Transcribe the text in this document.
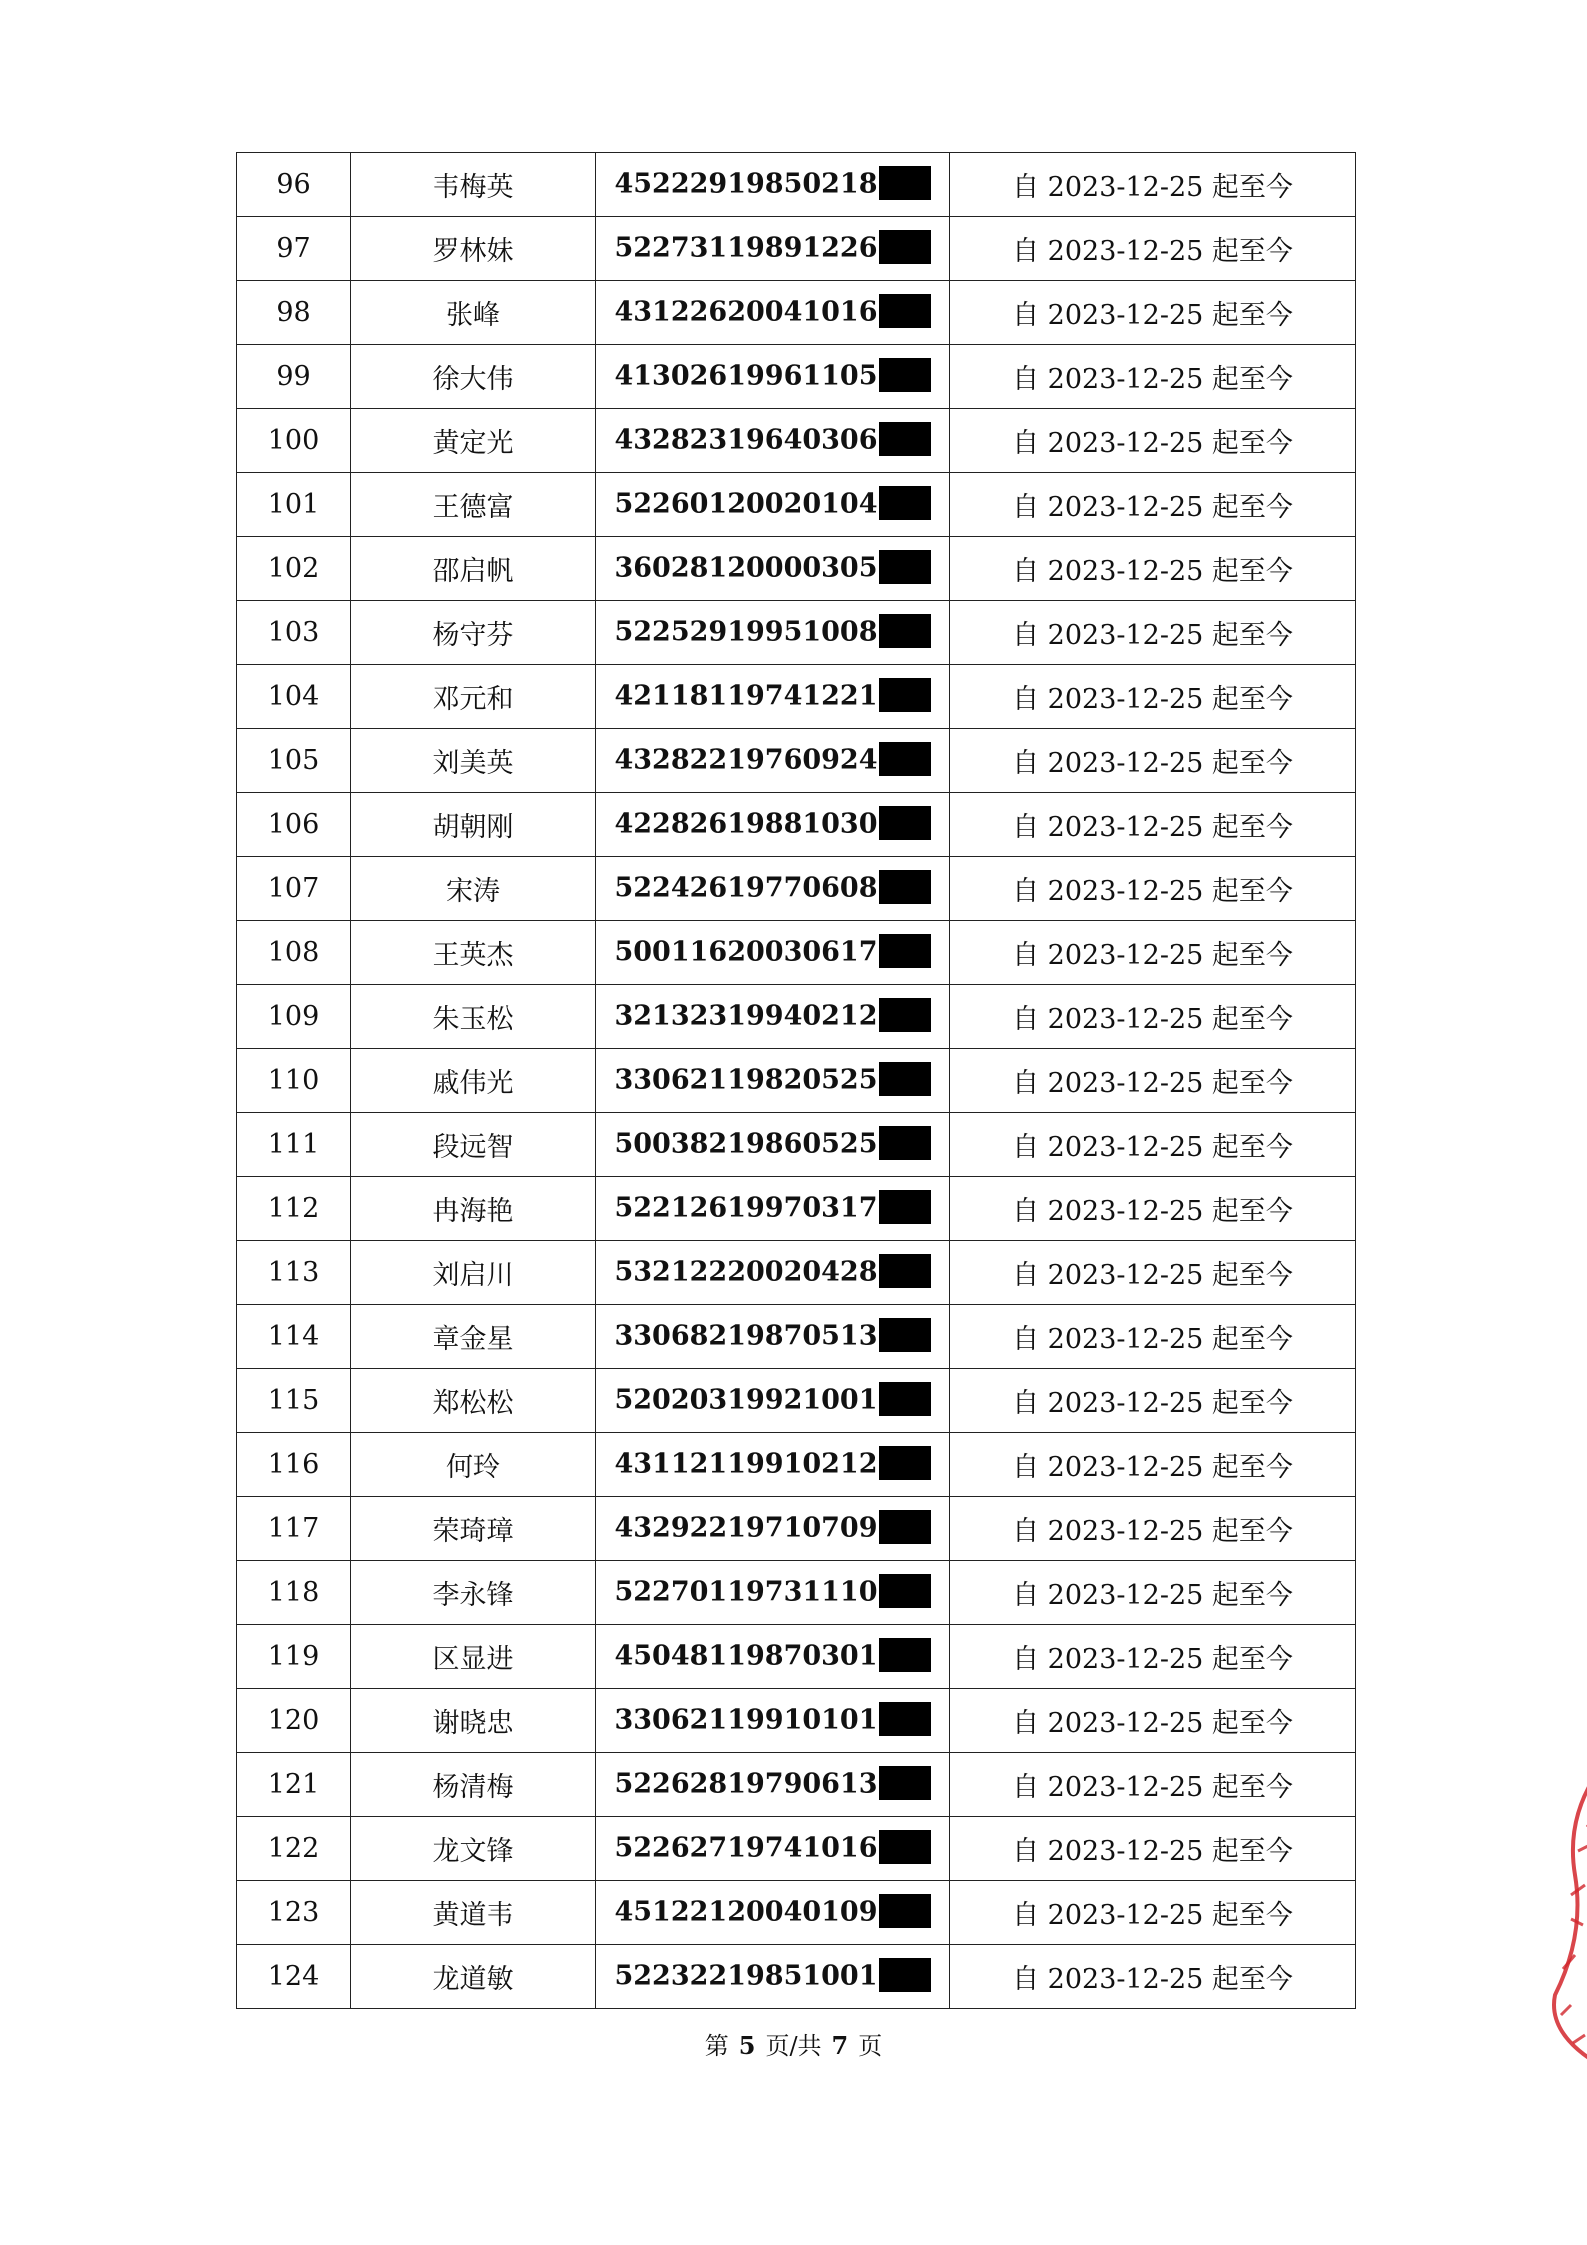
96	韦梅英	45222919850218	自 2023-12-25 起至今
97	罗林妹	52273119891226	自 2023-12-25 起至今
98	张峰	43122620041016	自 2023-12-25 起至今
99	徐大伟	41302619961105	自 2023-12-25 起至今
100	黄定光	43282319640306	自 2023-12-25 起至今
101	王德富	52260120020104	自 2023-12-25 起至今
102	邵启帆	36028120000305	自 2023-12-25 起至今
103	杨守芬	52252919951008	自 2023-12-25 起至今
104	邓元和	42118119741221	自 2023-12-25 起至今
105	刘美英	43282219760924	自 2023-12-25 起至今
106	胡朝刚	42282619881030	自 2023-12-25 起至今
107	宋涛	52242619770608	自 2023-12-25 起至今
108	王英杰	50011620030617	自 2023-12-25 起至今
109	朱玉松	32132319940212	自 2023-12-25 起至今
110	戚伟光	33062119820525	自 2023-12-25 起至今
111	段远智	50038219860525	自 2023-12-25 起至今
112	冉海艳	52212619970317	自 2023-12-25 起至今
113	刘启川	53212220020428	自 2023-12-25 起至今
114	章金星	33068219870513	自 2023-12-25 起至今
115	郑松松	52020319921001	自 2023-12-25 起至今
116	何玲	43112119910212	自 2023-12-25 起至今
117	荣琦璋	43292219710709	自 2023-12-25 起至今
118	李永锋	52270119731110	自 2023-12-25 起至今
119	区显进	45048119870301	自 2023-12-25 起至今
120	谢晓忠	33062119910101	自 2023-12-25 起至今
121	杨清梅	52262819790613	自 2023-12-25 起至今
122	龙文锋	52262719741016	自 2023-12-25 起至今
123	黄道韦	45122120040109	自 2023-12-25 起至今
124	龙道敏	52232219851001	自 2023-12-25 起至今
第 5 页/共 7 页
